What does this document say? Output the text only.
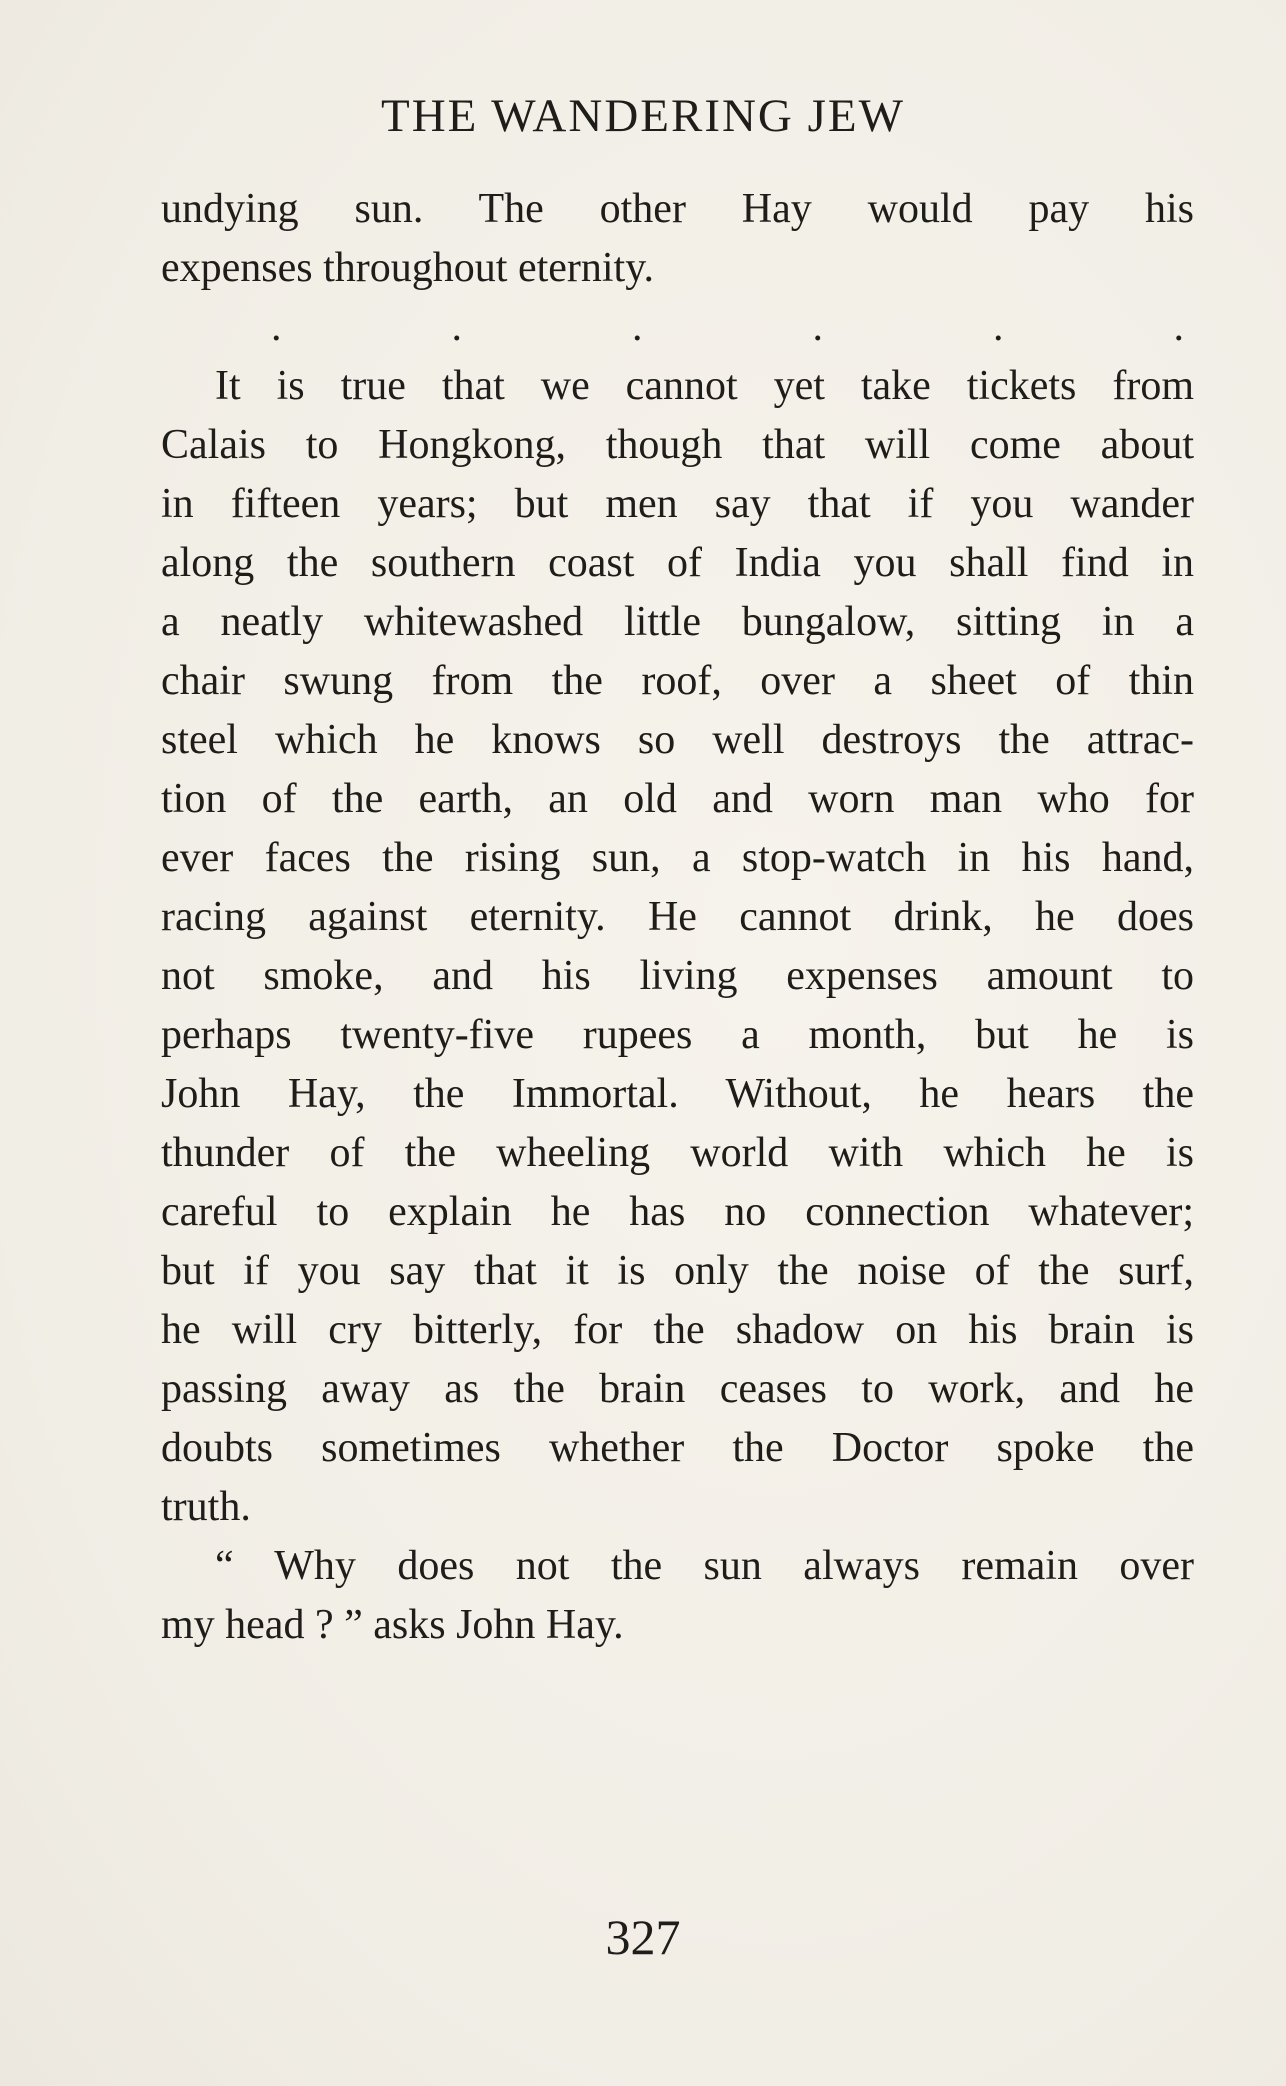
THE WANDERING JEW
undying sun. The other Hay would pay his
expenses throughout eternity.
.	.	.	.	.	.
It is true that we cannot yet take tickets from
Calais to Hongkong, though that will come about
in fifteen years; but men say that if you wander
along the southern coast of India you shall find in
a neatly whitewashed little bungalow, sitting in a
chair swung from the roof, over a sheet of thin
steel which he knows so well destroys the attrac-
tion of the earth, an old and worn man who for
ever faces the rising sun, a stop-watch in his hand,
racing against eternity. He cannot drink, he does
not smoke, and his living expenses amount to
perhaps twenty-five rupees a month, but he is
John Hay, the Immortal. Without, he hears the
thunder of the wheeling world with which he is
careful to explain he has no connection whatever;
but if you say that it is only the noise of the surf,
he will cry bitterly, for the shadow on his brain is
passing away as the brain ceases to work, and he
doubts sometimes whether the Doctor spoke the
truth.
“ Why does not the sun always remain over
my head ? ” asks John Hay.
327
